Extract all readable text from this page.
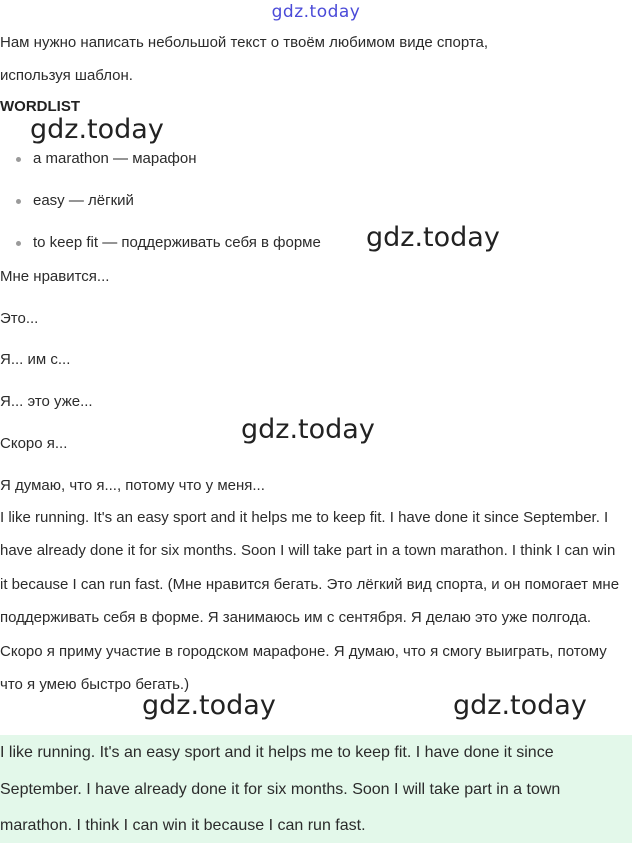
gdz.today
Нам нужно написать небольшой текст о твоём любимом виде спорта,
используя шаблон.
WORDLIST
a marathon — марафон
easy — лёгкий
to keep fit — поддерживать себя в форме
Мне нравится...
Это...
Я... им с...
Я... это уже...
Скоро я...
Я думаю, что я..., потому что у меня...
I like running. It's an easy sport and it helps me to keep fit. I have done it since September. I have already done it for six months. Soon I will take part in a town marathon. I think I can win it because I can run fast. (Мне нравится бегать. Это лёгкий вид спорта, и он помогает мне поддерживать себя в форме. Я занимаюсь им с сентября. Я делаю это уже полгода. Скоро я приму участие в городском марафоне. Я думаю, что я смогу выиграть, потому что я умею быстро бегать.)
I like running. It's an easy sport and it helps me to keep fit. I have done it since September. I have already done it for six months. Soon I will take part in a town marathon. I think I can win it because I can run fast.
gdz.today
gdz.today
gdz.today
gdz.today	gdz.today
